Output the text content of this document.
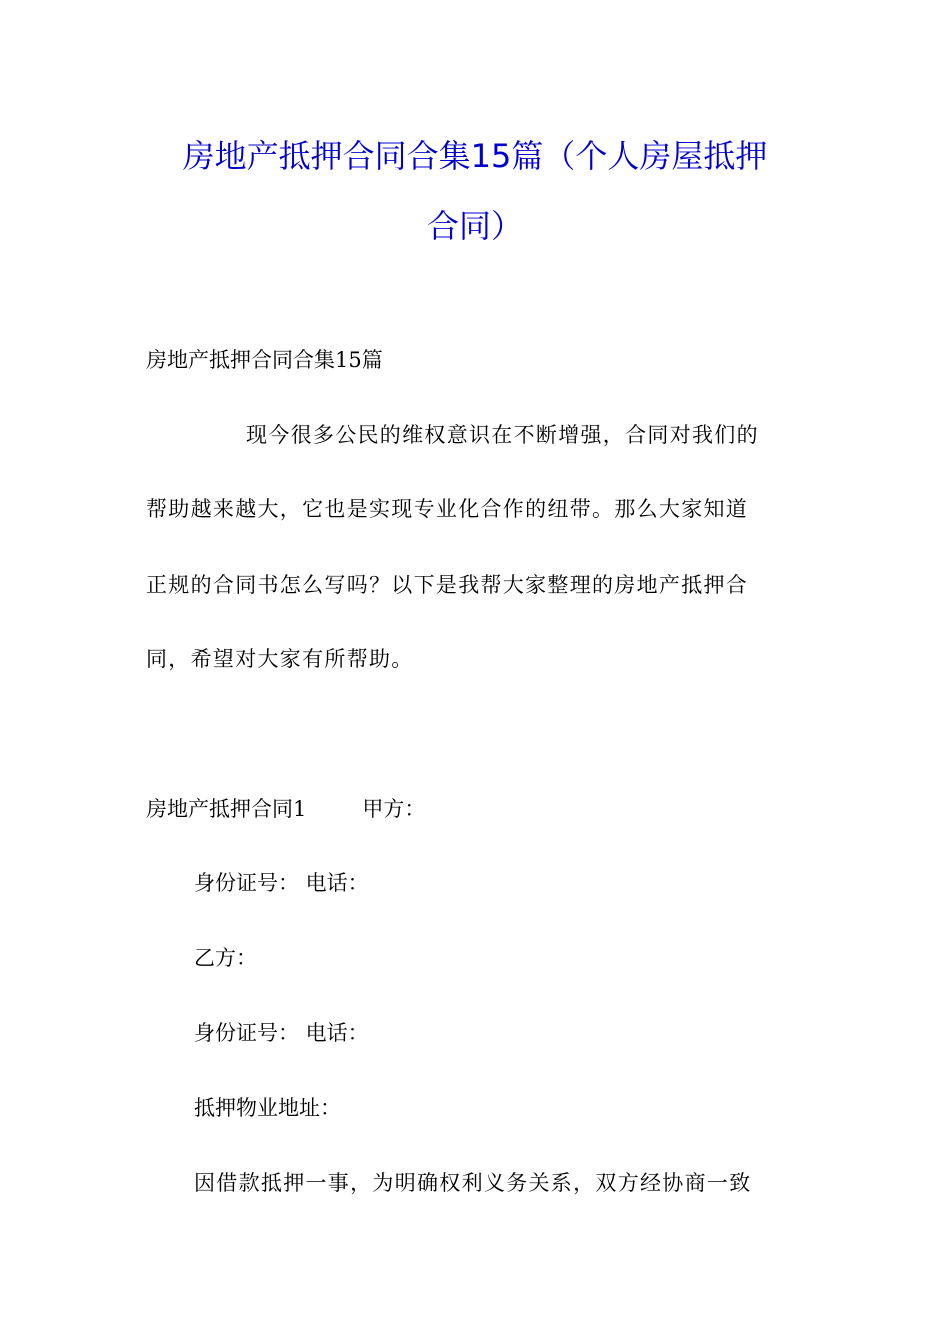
房地产抵押合同合集15篇（个人房屋抵押
合同）
房地产抵押合同合集15篇
现今很多公民的维权意识在不断增强，合同对我们的
帮助越来越大，它也是实现专业化合作的纽带。那么大家知道
正规的合同书怎么写吗？以下是我帮大家整理的房地产抵押合
同，希望对大家有所帮助。
房地产抵押合同1	甲方：
身份证号： 电话：
乙方：
身份证号： 电话：
抵押物业地址：
因借款抵押一事，为明确权利义务关系，双方经协商一致
